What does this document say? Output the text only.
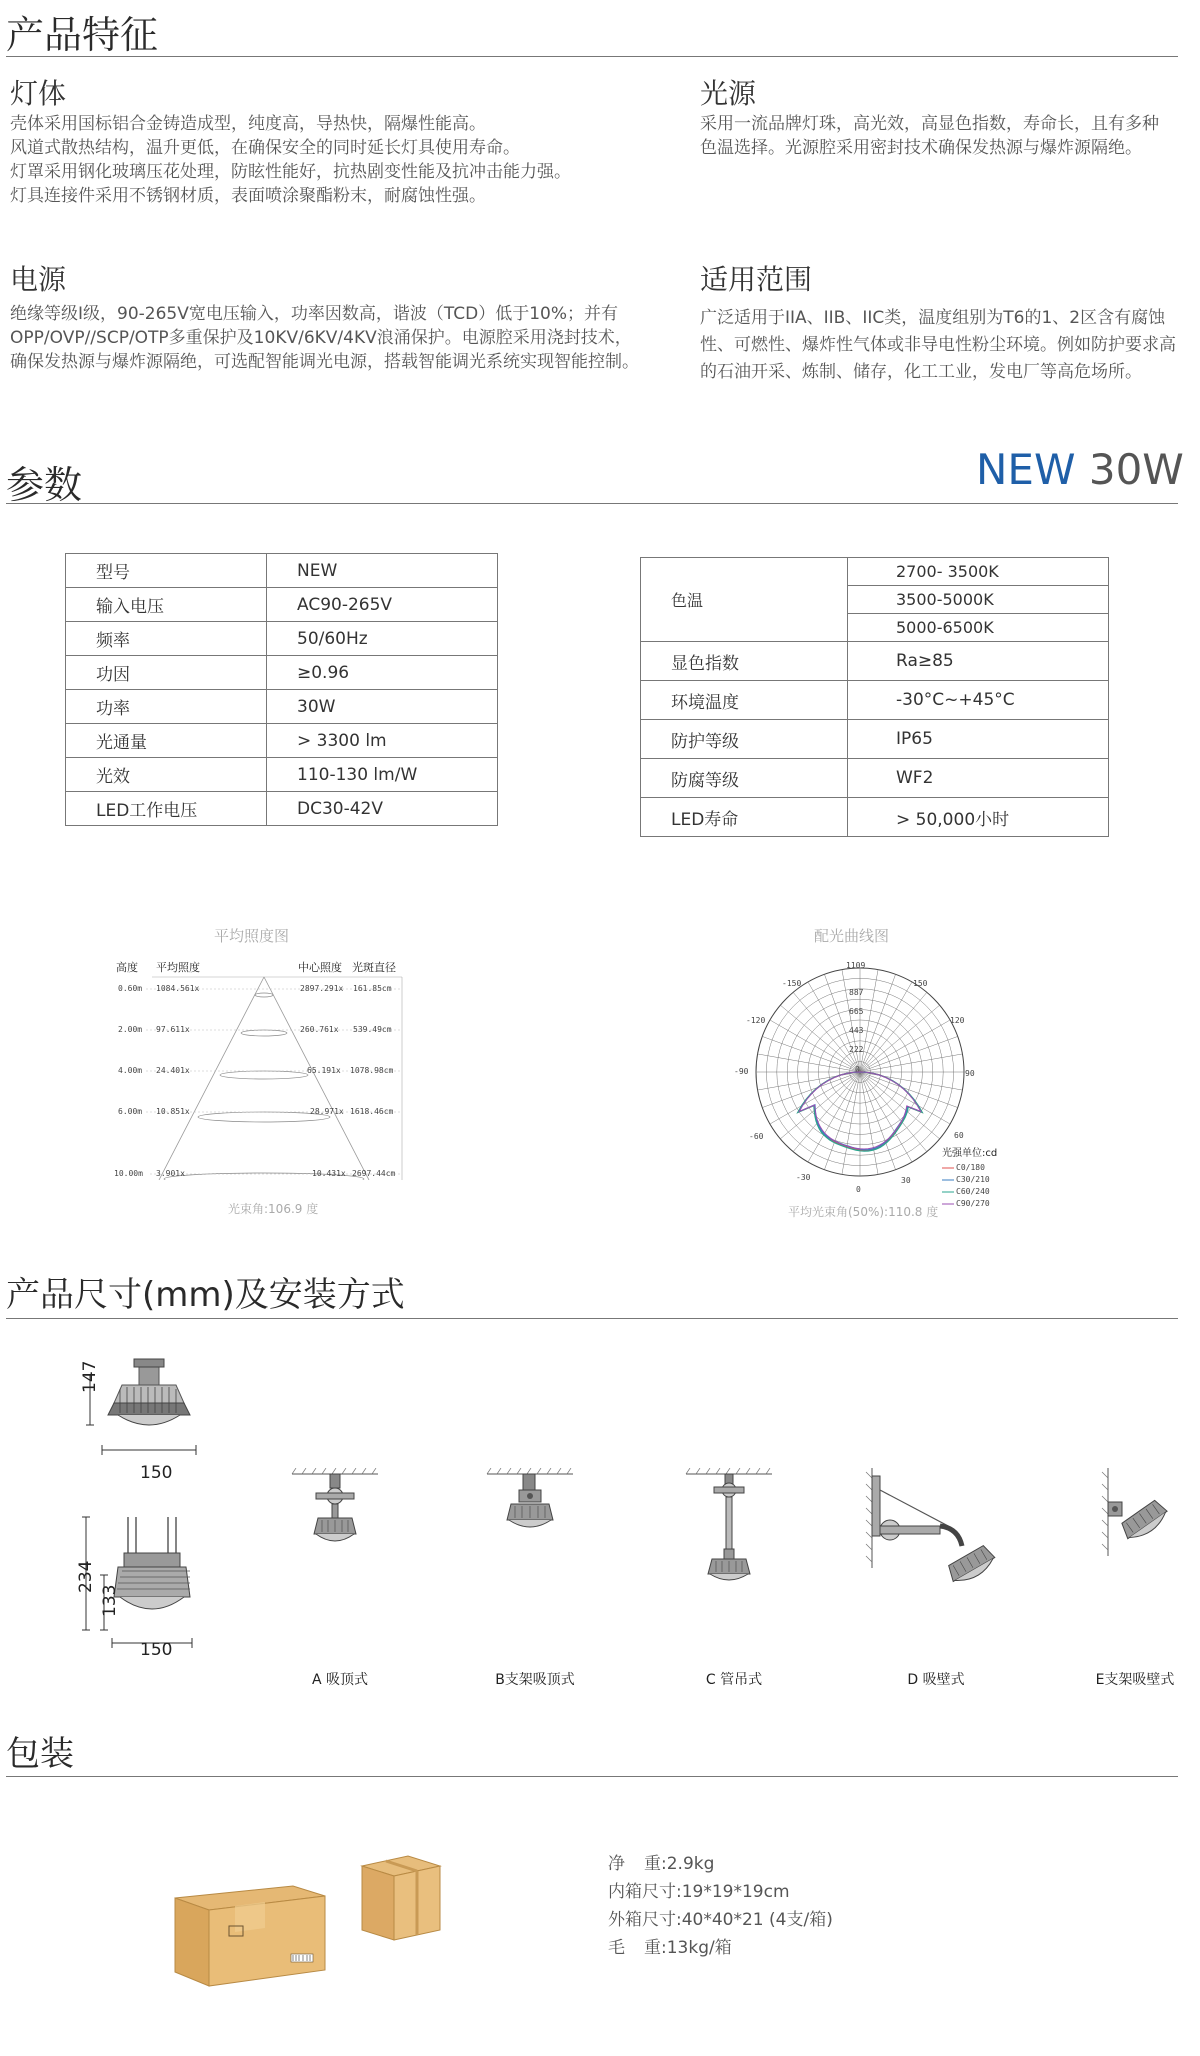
产品特征
灯体
壳体采用国标铝合金铸造成型，纯度高，导热快，隔爆性能高。
风道式散热结构，温升更低，在确保安全的同时延长灯具使用寿命。
灯罩采用钢化玻璃压花处理，防眩性能好，抗热剧变性能及抗冲击能力强。
灯具连接件采用不锈钢材质，表面喷涂聚酯粉末，耐腐蚀性强。
光源
采用一流品牌灯珠，高光效，高显色指数，寿命长，且有多种
色温选择。光源腔采用密封技术确保发热源与爆炸源隔绝。
电源
绝缘等级I级，90-265V宽电压输入，功率因数高，谐波（TCD）低于10%；并有
OPP/OVP//SCP/OTP多重保护及10KV/6KV/4KV浪涌保护。电源腔采用浇封技术，
确保发热源与爆炸源隔绝，可选配智能调光电源，搭载智能调光系统实现智能控制。
适用范围
广泛适用于IIA、IIB、IIC类，温度组别为T6的1、2区含有腐蚀
性、可燃性、爆炸性气体或非导电性粉尘环境。例如防护要求高
的石油开采、炼制、储存，化工工业，发电厂等高危场所。
参数	NEW 30W
型号	NEW
输入电压	AC90-265V
频率	50/60Hz
功因	≥0.96
功率	30W
光通量	> 3300 lm
光效	110-130 lm/W
LED工作电压	DC30-42V
色温	2700- 3500K
	3500-5000K
	5000-6500K
显色指数	Ra≥85
环境温度	-30°C~+45°C
防护等级	IP65
防腐等级	WF2
LED寿命	> 50,000小时
平均照度图
高度 平均照度	中心照度 光斑直径
0.60m 1084.561x	2897.291x 161.85cm
2.00m 97.611x	260.761x 539.49cm
4.00m 24.401x	65.191x 1078.98cm
6.00m 10.851x	28.971x 1618.46cm
10.00m 3.901x	10.431x 2697.44cm
光束角:106.9 度
配光曲线图
1109
887
665
443
222
0
-150	150
-120	120
-90	90
-60	60
-30	30
0
光强单位:cd
C0/180
C30/210
C60/240
C90/270
平均光束角(50%):110.8 度
产品尺寸(mm)及安装方式
147
150
234
133
150
A 吸顶式	B支架吸顶式	C 管吊式	D 吸壁式	E支架吸壁式
包装
净 重:2.9kg
内箱尺寸:19*19*19cm
外箱尺寸:40*40*21 (4支/箱)
毛 重:13kg/箱
